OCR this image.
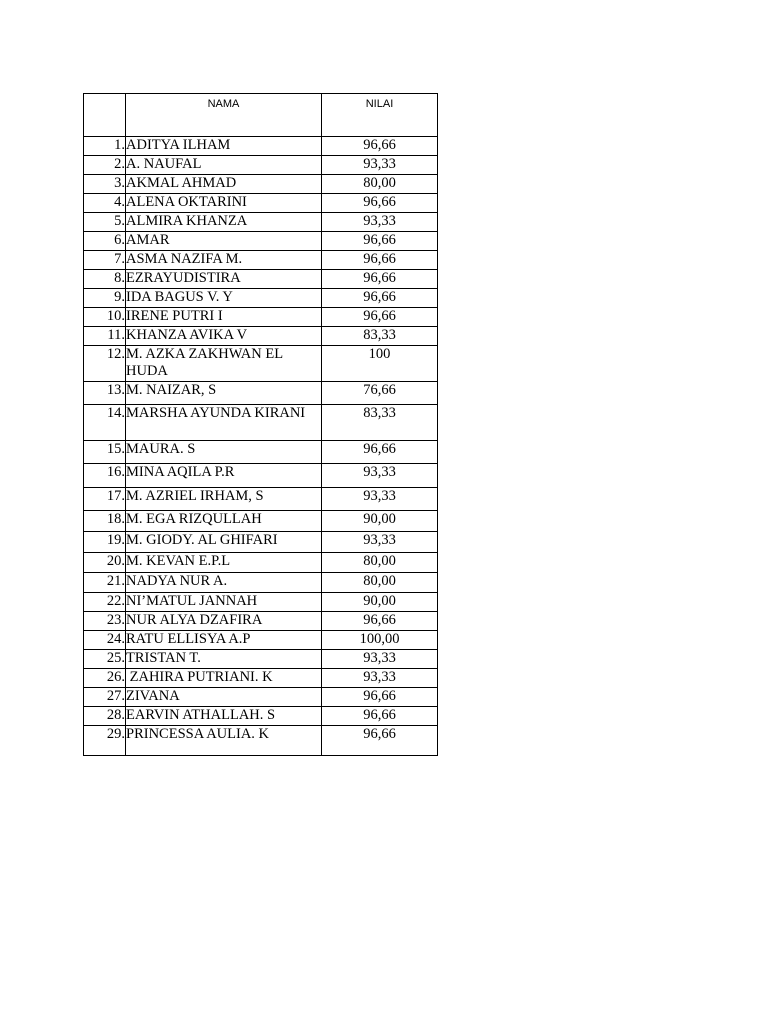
	NAMA	NILAI
1.	ADITYA ILHAM	96,66
2.	A. NAUFAL	93,33
3.	AKMAL AHMAD	80,00
4.	ALENA OKTARINI	96,66
5.	ALMIRA KHANZA	93,33
6.	AMAR	96,66
7.	ASMA NAZIFA M.	96,66
8.	EZRAYUDISTIRA	96,66
9.	IDA BAGUS V. Y	96,66
10.	IRENE PUTRI I	96,66
11.	KHANZA AVIKA V	83,33
12.	M. AZKA ZAKHWAN EL HUDA	100
13.	M. NAIZAR, S	76,66
14.	MARSHA AYUNDA KIRANI	83,33
15.	MAURA. S	96,66
16.	MINA AQILA P.R	93,33
17.	M. AZRIEL IRHAM, S	93,33
18.	M. EGA RIZQULLAH	90,00
19.	M. GIODY. AL GHIFARI	93,33
20.	M. KEVAN E.P.L	80,00
21.	NADYA NUR A.	80,00
22.	NI’MATUL JANNAH	90,00
23.	NUR ALYA DZAFIRA	96,66
24.	RATU ELLISYA A.P	100,00
25.	TRISTAN T.	93,33
26.	ZAHIRA PUTRIANI. K	93,33
27.	ZIVANA	96,66
28.	EARVIN ATHALLAH. S	96,66
29.	PRINCESSA AULIA. K	96,66
